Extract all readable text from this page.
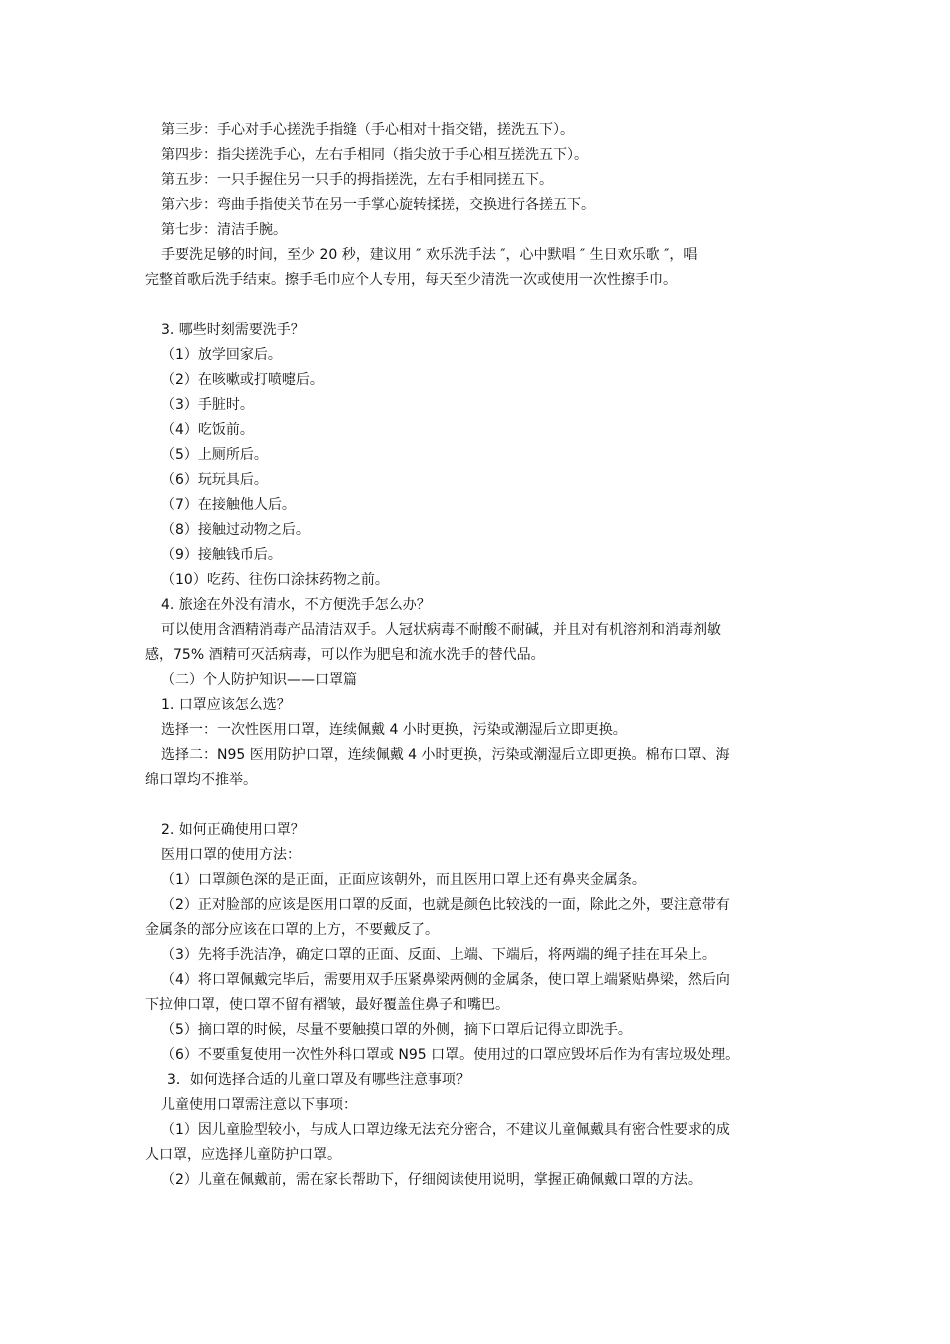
第三步：手心对手心搓洗手指缝（手心相对十指交错，搓洗五下）。
第四步：指尖搓洗手心，左右手相同（指尖放于手心相互搓洗五下）。
第五步：一只手握住另一只手的拇指搓洗，左右手相同搓五下。
第六步：弯曲手指使关节在另一手掌心旋转揉搓，交换进行各搓五下。
第七步：清洁手腕。
手要洗足够的时间，至少 20 秒，建议用 ″ 欢乐洗手法 ″，心中默唱 ″ 生日欢乐歌 ″，唱
完整首歌后洗手结束。擦手毛巾应个人专用，每天至少清洗一次或使用一次性擦手巾。
3. 哪些时刻需要洗手？
（1）放学回家后。
（2）在咳嗽或打喷嚏后。
（3）手脏时。
（4）吃饭前。
（5）上厕所后。
（6）玩玩具后。
（7）在接触他人后。
（8）接触过动物之后。
（9）接触钱币后。
（10）吃药、往伤口涂抹药物之前。
4. 旅途在外没有清水，不方便洗手怎么办？
可以使用含酒精消毒产品清洁双手。人冠状病毒不耐酸不耐碱，并且对有机溶剂和消毒剂敏
感，75% 酒精可灭活病毒，可以作为肥皂和流水洗手的替代品。
（二）个人防护知识——口罩篇
1. 口罩应该怎么选？
选择一：一次性医用口罩，连续佩戴 4 小时更换，污染或潮湿后立即更换。
选择二：N95 医用防护口罩，连续佩戴 4 小时更换，污染或潮湿后立即更换。棉布口罩、海
绵口罩均不推举。
2. 如何正确使用口罩？
医用口罩的使用方法：
（1）口罩颜色深的是正面，正面应该朝外，而且医用口罩上还有鼻夹金属条。
（2）正对脸部的应该是医用口罩的反面，也就是颜色比较浅的一面，除此之外，要注意带有
金属条的部分应该在口罩的上方，不要戴反了。
（3）先将手洗洁净，确定口罩的正面、反面、上端、下端后，将两端的绳子挂在耳朵上。
（4）将口罩佩戴完毕后，需要用双手压紧鼻梁两侧的金属条，使口罩上端紧贴鼻梁，然后向
下拉伸口罩，使口罩不留有褶皱，最好覆盖住鼻子和嘴巴。
（5）摘口罩的时候，尽量不要触摸口罩的外侧，摘下口罩后记得立即洗手。
（6）不要重复使用一次性外科口罩或 N95 口罩。使用过的口罩应毁坏后作为有害垃圾处理。
3．如何选择合适的儿童口罩及有哪些注意事项？
儿童使用口罩需注意以下事项：
（1）因儿童脸型较小，与成人口罩边缘无法充分密合，不建议儿童佩戴具有密合性要求的成
人口罩，应选择儿童防护口罩。
（2）儿童在佩戴前，需在家长帮助下，仔细阅读使用说明，掌握正确佩戴口罩的方法。
